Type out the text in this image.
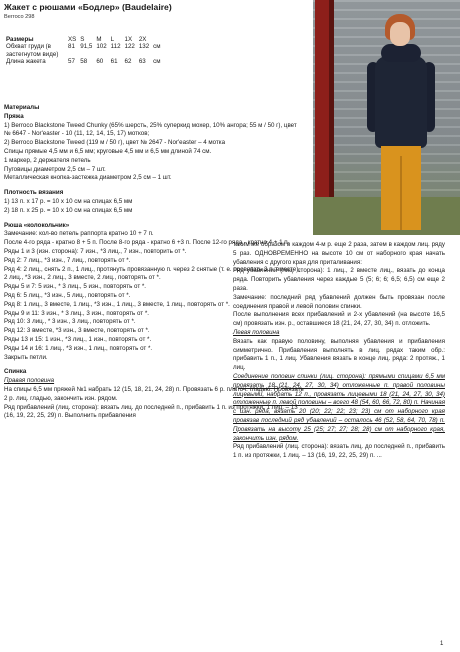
Жакет с рюшами «Бодлер» (Baudelaire)
Berroco 298
Размеры	XS	S	M	L	1X	2X	
Обхват груди (в застегнутом виде)	81	91,5	102	112	122	132	см
Длина жакета	57	58	60	61	62	63	см

Материалы

Пряжа

1) Berroco Blackstone Tweed Chunky (65% шерсть, 25% суперкид мохер, 10% ангора; 55 м / 50 г), цвет № 6647 - Nor'easter - 10 (11, 12, 14, 15, 17) мотков;

2) Berroco Blackstone Tweed (119 м / 50 г), цвет № 2647 - Nor'easter – 4 мотка

Спицы прямые 4,5 мм и 6,5 мм; круговые 4,5 мм и 6,5 мм длиной 74 см.

1 маркер, 2 держателя петель

Пуговицы диаметром 2,5 см – 7 шт.

Металлическая кнопка-застежка диаметром 2,5 см – 1 шт.

Плотность вязания

1) 13 п. х 17 р. = 10 х 10 см на спицах 6,5 мм

2) 18 п. х 25 р. = 10 х 10 см на спицах 6,5 мм

Рюша «колокольчик»

Замечание: кол-во петель раппорта кратно 10 + 7 п.

После 4-го ряда - кратно 8 + 5 п. После 8-го ряда - кратно 6 +3 п. После 12-го ряда - кратно 4 + 1 п.

Ряды 1 и 3 (изн. сторона): 7 изн., *3 лиц., 7 изн., повторить от *.

Ряд 2: 7 лиц., *3 изн., 7 лиц., повторять от *.

Ряд 4: 2 лиц., снять 2 п., 1 лиц., протянуть провязанную п. через 2 снятые (т. е. провязать 3 п. вместе), 2 лиц., *3 изн., 2 лиц., 3 вместе, 2 лиц., повторять от *.

Ряды 5 и 7: 5 изн., * 3 лиц., 5 изн., повторять от *.

Ряд 6: 5 лиц., *3 изн., 5 лиц., повторять от *.

Ряд 8: 1 лиц., 3 вместе, 1 лиц., *3 изн., 1 лиц., 3 вместе, 1 лиц., повторять от *.

Ряды 9 и 11: 3 изн., * 3 лиц., 3 изн., повторять от *.

Ряд 10: 3 лиц., * 3 изн., 3 лиц., повторять от *.

Ряд 12: 3 вместе, *3 изн., 3 вместе, повторять от *.

Ряды 13 и 15: 1 изн., *3 лиц., 1 изн., повторять от *.

Ряды 14 и 16: 1 лиц., *3 изн., 1 лиц., повторять от *.

Закрыть петли.

Спинка

Правая половина

На спицы 6,5 мм пряжей №1 набрать 12 (15, 18, 21, 24, 28) п. Провязать 6 р. платоч. гладью. Провязать 2 р. лиц. гладью, закончить изн. рядом.

Ряд прибавлений (лиц. сторона): вязать лиц. до последней п., прибавить 1 п. из протяжки, 1 лиц. – 13 (16, 19, 22, 25, 29) п. Выполнить прибавления

таким же образом в каждом 4-м р. еще 2 раза, затем в каждом лиц. ряду 5 раз. ОДНОВРЕМЕННО на высоте 10 см от наборного края начать убавления с другого края для приталивания:

Ряд убавлений (лиц. сторона): 1 лиц., 2 вместе лиц., вязать до конца ряда. Повторить убавления через каждые 5 (5; 6; 6; 6,5; 6,5) см еще 2 раза.

Замечание: последний ряд убавлений должен быть провязан после соединения правой и левой половин спинки.

После выполнения всех прибавлений и 2-х убавлений (на высоте 16,5 см) провязать изн. р., оставшиеся 18 (21, 24, 27, 30, 34) п. отложить.

Левая половина

Вязать как правую половину, выполняя убавления и прибавления симметрично. Прибавления выполнять в лиц. рядах таким обр.: прибавить 1 п., 1 лиц. Убавления вязать в конце лиц. ряда: 2 протяж., 1 лиц.

Соединение половин спинки (лиц. сторона): прямыми спицами 6,5 мм провязать 18 (21, 24, 27, 30, 34) отложенные п. правой половины лицевыми, набрать 12 п., провязать лицевыми 18 (21, 24, 27, 30, 34) отложенные п. левой половины – всего 48 (54, 60, 66, 72, 80) п. Начиная с изн. ряда, вязать 20 (20; 22; 22; 23; 23) см от наборного края провязав последний ряд убавлений – осталось 46 (52, 58, 64, 70, 78) п. Провязать на высоту 25 (25; 27; 27; 28; 28) см от наборного края, закончить изн. рядом.

Ряд прибавлений (лиц. сторона): вязать лиц. до последней п., прибавить 1 п. из протяжки, 1 лиц. – 13 (16, 19, 22, 25, 29) п. ...

1
